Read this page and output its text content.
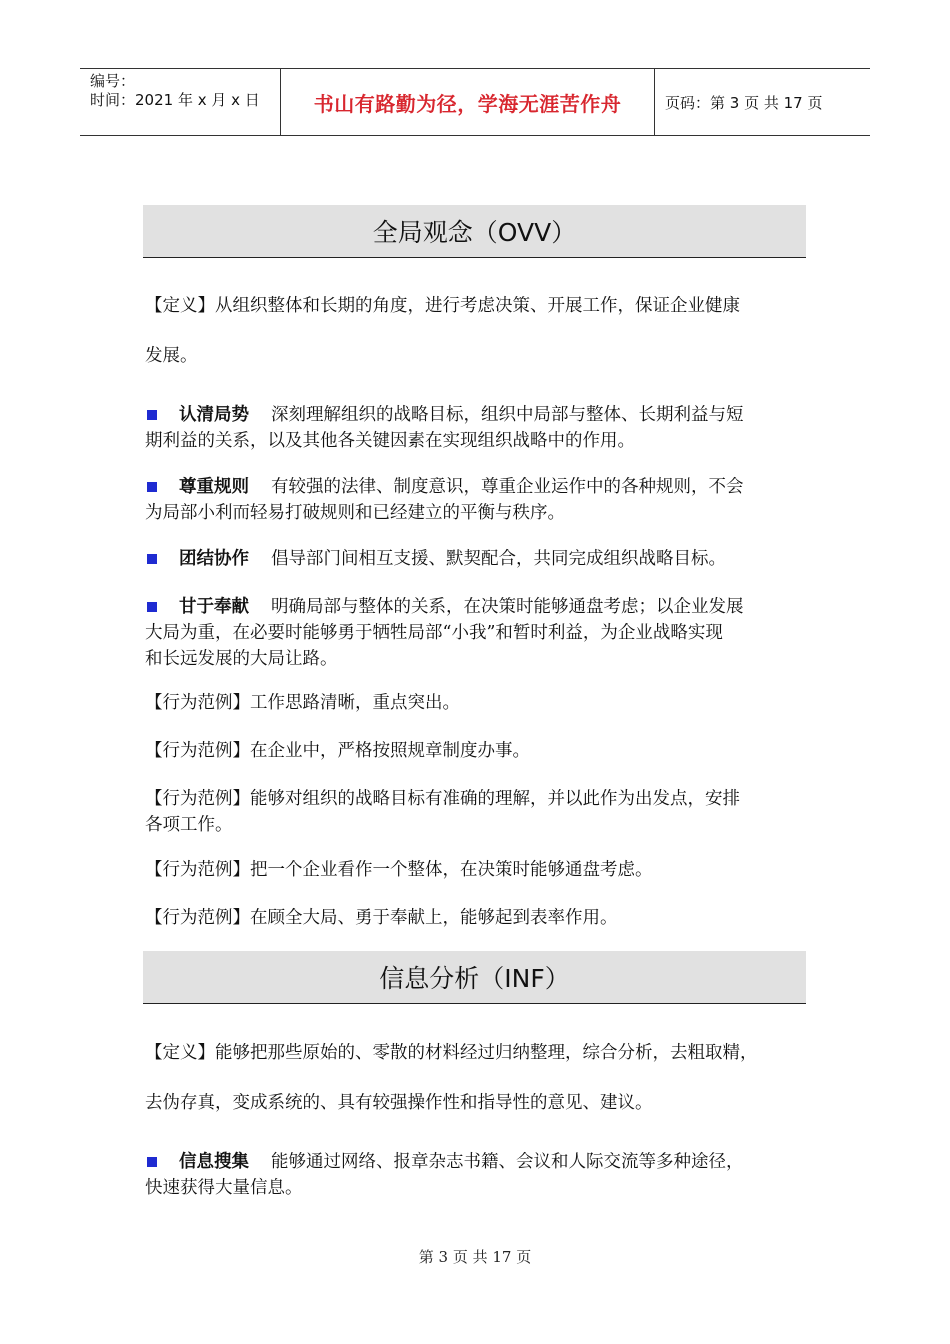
编号：
时间：2021 年 x 月 x 日	书山有路勤为径，学海无涯苦作舟	页码：第 3 页 共 17 页
全局观念（OVV）
【定义】从组织整体和长期的角度，进行考虑决策、开展工作，保证企业健康
发展。
认清局势 深刻理解组织的战略目标，组织中局部与整体、长期利益与短
期利益的关系，以及其他各关键因素在实现组织战略中的作用。
尊重规则 有较强的法律、制度意识，尊重企业运作中的各种规则，不会
为局部小利而轻易打破规则和已经建立的平衡与秩序。
团结协作 倡导部门间相互支援、默契配合，共同完成组织战略目标。
甘于奉献 明确局部与整体的关系，在决策时能够通盘考虑；以企业发展
大局为重，在必要时能够勇于牺牲局部“小我”和暂时利益，为企业战略实现
和长远发展的大局让路。
【行为范例】工作思路清晰，重点突出。
【行为范例】在企业中，严格按照规章制度办事。
【行为范例】能够对组织的战略目标有准确的理解，并以此作为出发点，安排
各项工作。
【行为范例】把一个企业看作一个整体，在决策时能够通盘考虑。
【行为范例】在顾全大局、勇于奉献上，能够起到表率作用。
信息分析（INF）
【定义】能够把那些原始的、零散的材料经过归纳整理，综合分析，去粗取精，
去伪存真，变成系统的、具有较强操作性和指导性的意见、建议。
信息搜集 能够通过网络、报章杂志书籍、会议和人际交流等多种途径，
快速获得大量信息。
第 3 页 共 17 页
